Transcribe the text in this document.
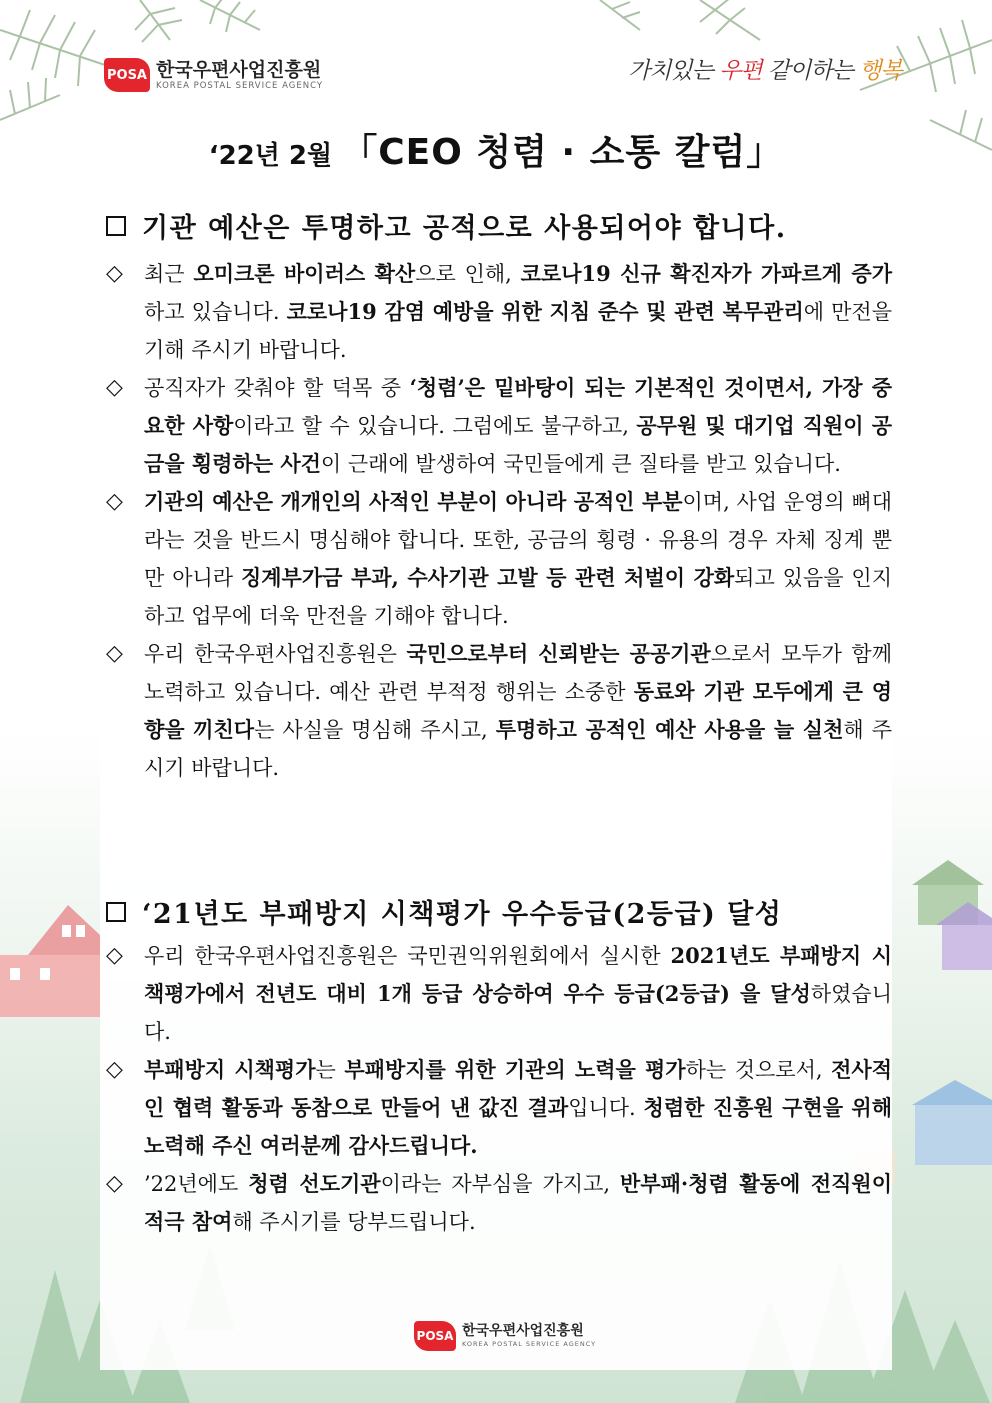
POSA 한국우편사업진흥원
KOREA POSTAL SERVICE AGENCY
가치있는 우편 같이하는 행복
‘22년 2월 「CEO 청렴 · 소통 칼럼」
기관 예산은 투명하고 공적으로 사용되어야 합니다.
◇	최근 오미크론 바이러스 확산으로 인해, 코로나19 신규 확진자가 가파르게 증가하고 있습니다. 코로나19 감염 예방을 위한 지침 준수 및 관련 복무관리에 만전을 기해 주시기 바랍니다.
◇	공직자가 갖춰야 할 덕목 중 ‘청렴’은 밑바탕이 되는 기본적인 것이면서, 가장 중요한 사항이라고 할 수 있습니다. 그럼에도 불구하고, 공무원 및 대기업 직원이 공금을 횡령하는 사건이 근래에 발생하여 국민들에게 큰 질타를 받고 있습니다.
◇	기관의 예산은 개개인의 사적인 부분이 아니라 공적인 부분이며, 사업 운영의 뼈대라는 것을 반드시 명심해야 합니다. 또한, 공금의 횡령 · 유용의 경우 자체 징계 뿐만 아니라 징계부가금 부과, 수사기관 고발 등 관련 처벌이 강화되고 있음을 인지하고 업무에 더욱 만전을 기해야 합니다.
◇	우리 한국우편사업진흥원은 국민으로부터 신뢰받는 공공기관으로서 모두가 함께 노력하고 있습니다. 예산 관련 부적정 행위는 소중한 동료와 기관 모두에게 큰 영향을 끼친다는 사실을 명심해 주시고, 투명하고 공적인 예산 사용을 늘 실천해 주시기 바랍니다.
‘21년도 부패방지 시책평가 우수등급(2등급) 달성
◇	우리 한국우편사업진흥원은 국민권익위원회에서 실시한 2021년도 부패방지 시책평가에서 전년도 대비 1개 등급 상승하여 우수 등급(2등급) 을 달성하였습니다.
◇	부패방지 시책평가는 부패방지를 위한 기관의 노력을 평가하는 것으로서, 전사적인 협력 활동과 동참으로 만들어 낸 값진 결과입니다. 청렴한 진흥원 구현을 위해 노력해 주신 여러분께 감사드립니다.
◇	’22년에도 청렴 선도기관이라는 자부심을 가지고, 반부패·청렴 활동에 전직원이 적극 참여해 주시기를 당부드립니다.
POSA 한국우편사업진흥원
KOREA POSTAL SERVICE AGENCY
